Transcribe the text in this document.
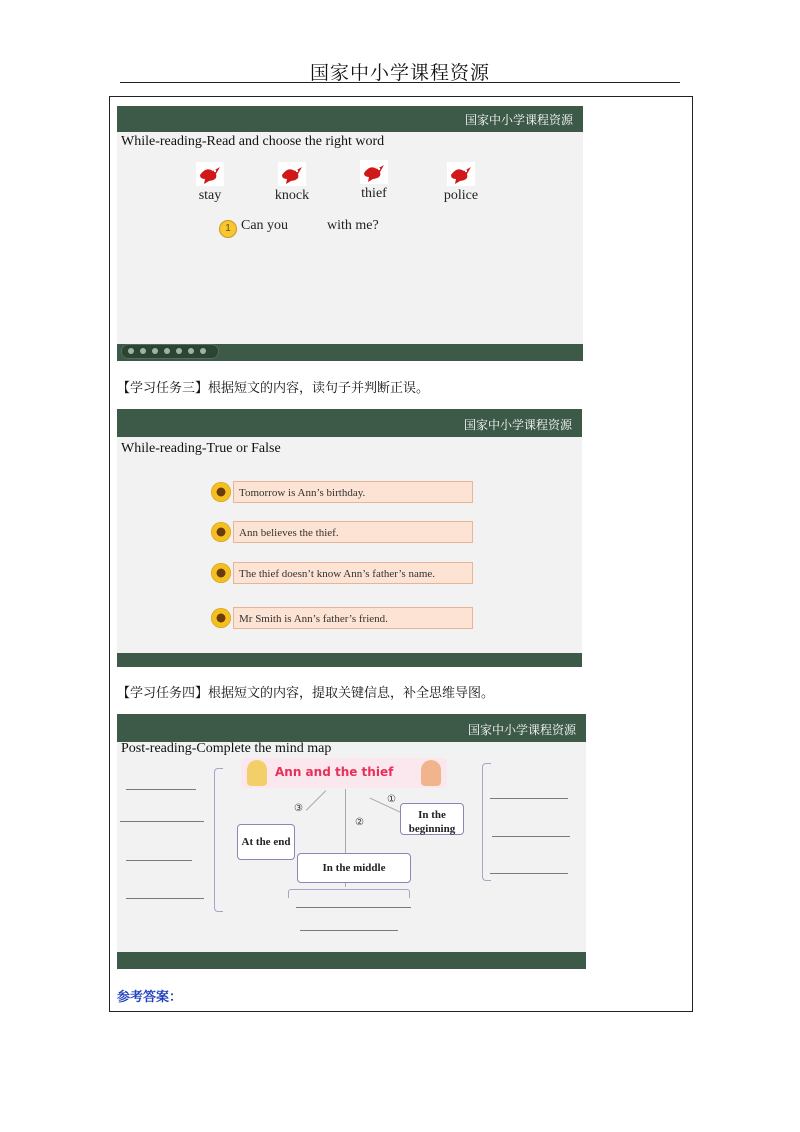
国家中小学课程资源
国家中小学课程资源
While-reading-Read and choose the right word
stay	knock	thief	police
1 Can you	with me?
【学习任务三】根据短文的内容，读句子并判断正误。
国家中小学课程资源
While-reading-True or False
Tomorrow is Ann’s birthday.
Ann believes the thief.
The thief doesn’t know Ann’s father’s name.
Mr Smith is Ann’s father’s friend.
【学习任务四】根据短文的内容，提取关键信息，补全思维导图。
国家中小学课程资源
Post-reading-Complete the mind map
Ann and the thief
①
②
③
In the beginning
At the end
In the middle
参考答案：
